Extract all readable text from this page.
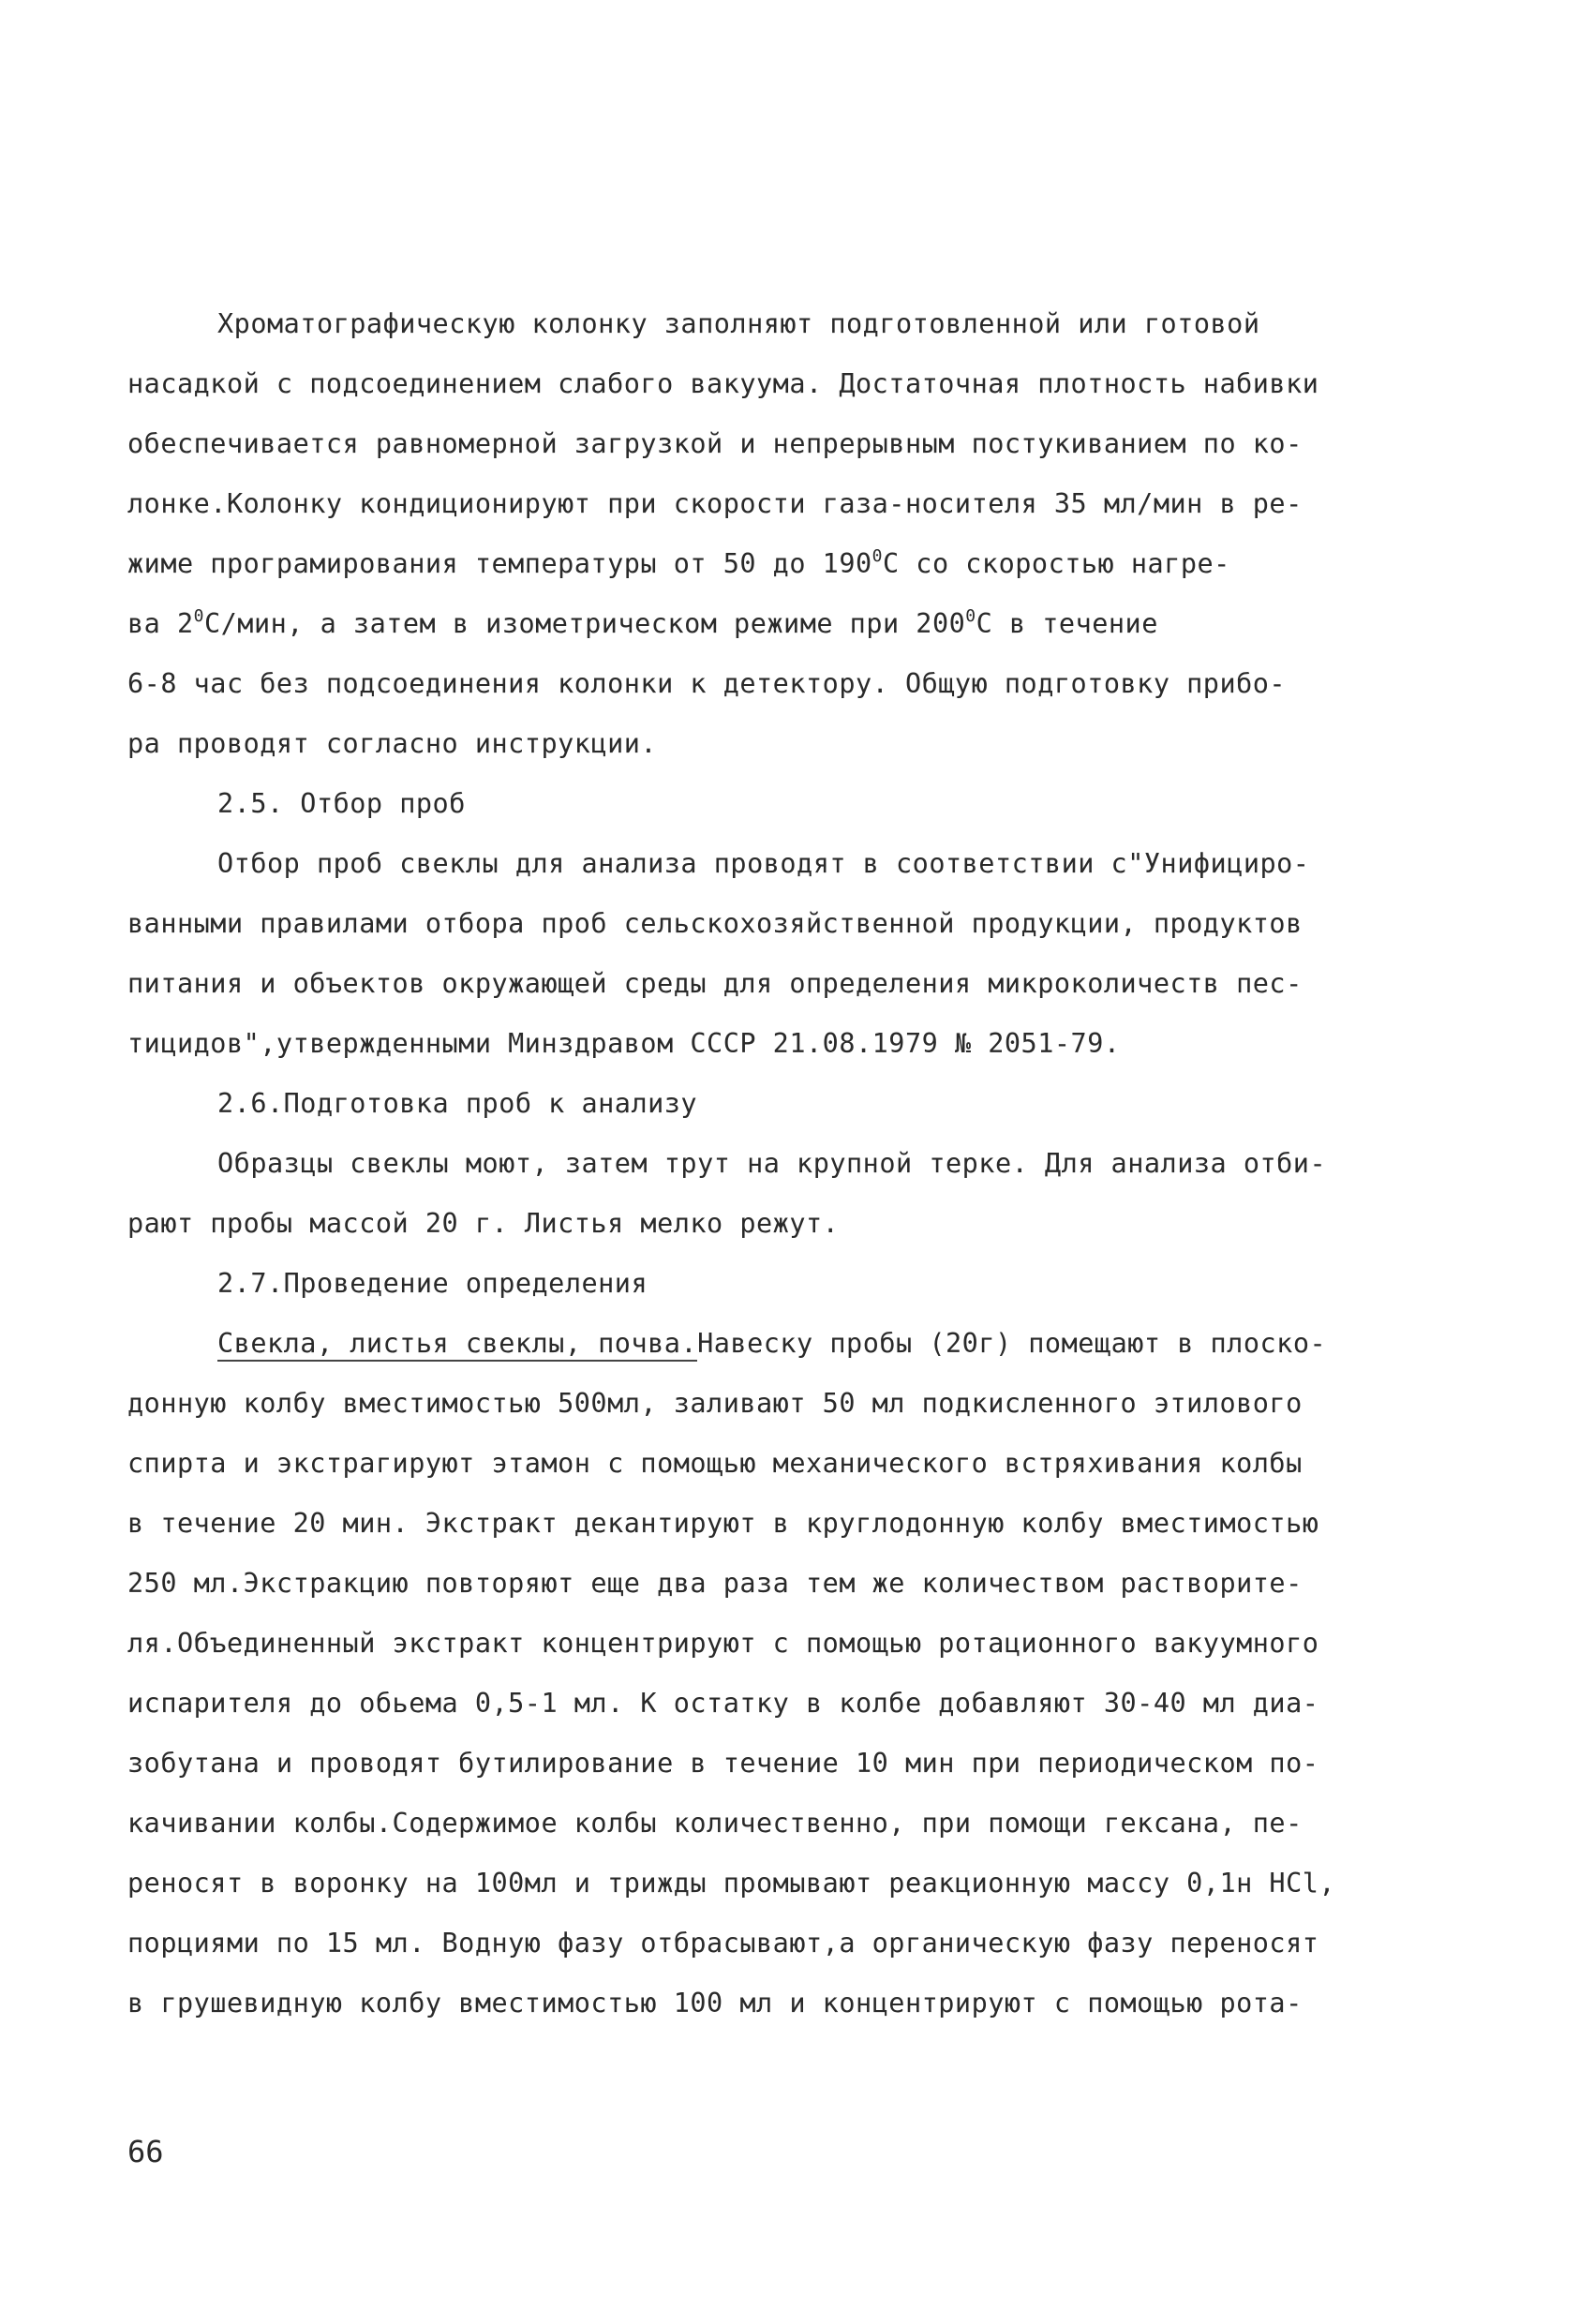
Хроматографическую колонку заполняют подготовленной или готовой
насадкой с подсоединением слабого вакуума. Достаточная плотность набивки
обеспечивается равномерной загрузкой и непрерывным постукиванием по ко-
лонке.Колонку кондиционируют при скорости газа-носителя 35 мл/мин в ре-
жиме програмирования температуры от 50 до $190^0С$ со скоростью нагре-
ва $2^0С$/мин, а затем в изометрическом режиме при $200^0С$ в течение
6-8 час без подсоединения колонки к детектору. Общую подготовку прибо-
ра проводят согласно инструкции.
2.5. Отбор проб
Отбор проб свеклы для анализа проводят в соответствии с"Унифициро-
ванными правилами отбора проб сельскохозяйственной продукции, продуктов
питания и объектов окружающей среды для определения микроколичеств пес-
тицидов",утвержденными Минздравом СССР 21.08.1979 № 2051-79.
2.6.Подготовка проб к анализу
Образцы свеклы моют, затем трут на крупной терке. Для анализа отби-
рают пробы массой 20 г. Листья мелко режут.
2.7.Проведение определения
Свекла, листья свеклы, почва.Навеску пробы (20г) помещают в плоско-
донную колбу вместимостью 500мл, заливают 50 мл подкисленного этилового
спирта и экстрагируют этамон с помощью механического встряхивания колбы
в течение 20 мин. Экстракт декантируют в круглодонную колбу вместимостью
250 мл.Экстракцию повторяют еще два раза тем же количеством растворите-
ля.Объединенный экстракт концентрируют с помощью ротационного вакуумного
испарителя до обьема 0,5-1 мл. К остатку в колбе добавляют 30-40 мл диа-
зобутана и проводят бутилирование в течение 10 мин при периодическом по-
качивании колбы.Содержимое колбы количественно, при помощи гексана, пе-
реносят в воронку на 100мл и трижды промывают реакционную массу 0,1н HCl,
порциями по 15 мл. Водную фазу отбрасывают,а органическую фазу переносят
в грушевидную колбу вместимостью 100 мл и концентрируют с помощью рота-
66
